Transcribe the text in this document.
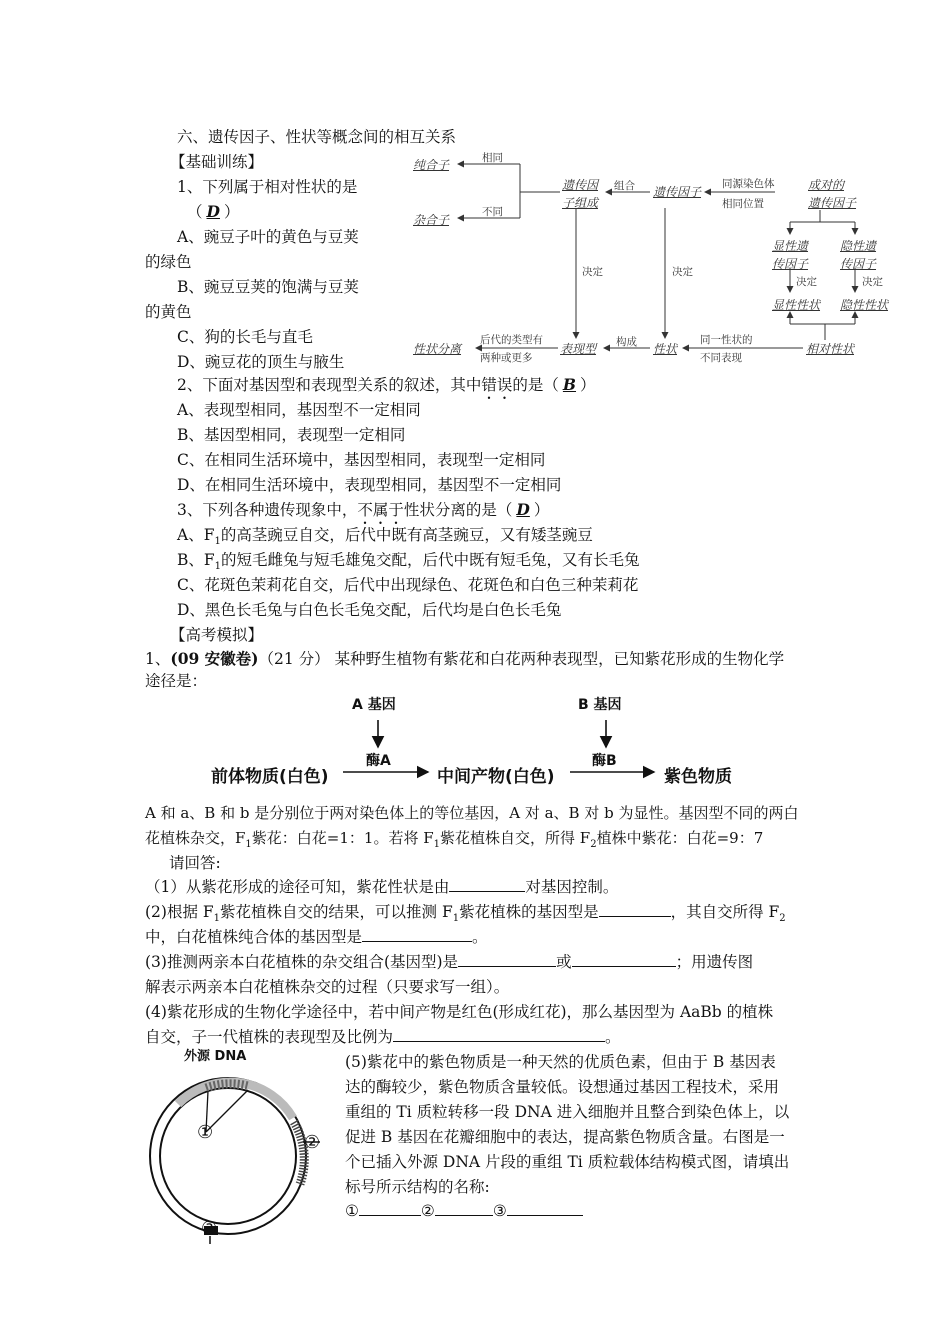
六、遗传因子、性状等概念间的相互关系
【基础训练】
1、下列属于相对性状的是
（ D ）
A、豌豆子叶的黄色与豆荚
的绿色
B、豌豆豆荚的饱满与豆荚
的黄色
C、狗的长毛与直毛
D、豌豆花的顶生与腋生
纯合子
杂合子
相同
不同
遗传因
子组成
组合 遗传因子
同源染色体
相同位置
成对的
遗传因子
决定	决定
显性遗
传因子
隐性遗
传因子
决定	决定
显性性状 隐性性状
性状分离
后代的类型有
两种或更多
表现型 构成 性状
同一性状的
不同表现
相对性状
2、下面对基因型和表现型关系的叙述，其中错误的是（ B ）
A、表现型相同，基因型不一定相同
B、基因型相同，表现型一定相同
C、在相同生活环境中，基因型相同，表现型一定相同
D、在相同生活环境中，表现型相同，基因型不一定相同
3、下列各种遗传现象中，不属于性状分离的是（ D ）
A、$F_1$的高茎豌豆自交，后代中既有高茎豌豆，又有矮茎豌豆
B、$F_1$的短毛雌兔与短毛雄兔交配，后代中既有短毛兔，又有长毛兔
C、花斑色茉莉花自交，后代中出现绿色、花斑色和白色三种茉莉花
D、黑色长毛兔与白色长毛兔交配，后代均是白色长毛兔
【高考模拟】
1、(09 安徽卷)（21 分） 某种野生植物有紫花和白花两种表现型，已知紫花形成的生物化学
途径是：
A 基因	B 基因
酶A	酶B
前体物质(白色)	中间产物(白色)	紫色物质
A 和 a、B 和 b 是分别位于两对染色体上的等位基因，A 对 a、B 对 b 为显性。基因型不同的两白
花植株杂交，$F_1$紫花：白花=1：1。若将 $F_1$紫花植株自交，所得 $F_2$植株中紫花：白花=9：7
请回答:
（1）从紫花形成的途径可知，紫花性状是由	对基因控制。
(2)根据 $F_1$紫花植株自交的结果，可以推测 $F_1$紫花植株的基因型是	，其自交所得 $F_2$
中，白花植株纯合体的基因型是	。
(3)推测两亲本白花植株的杂交组合(基因型)是	或	；用遗传图
解表示两亲本白花植株杂交的过程（只要求写一组）。
(4)紫花形成的生物化学途径中，若中间产物是红色(形成红花)，那么基因型为 AaBb 的植株
自交，子一代植株的表现型及比例为	。
外源 DNA
①	②
③
(5)紫花中的紫色物质是一种天然的优质色素，但由于 B 基因表
达的酶较少，紫色物质含量较低。设想通过基因工程技术，采用
重组的 Ti 质粒转移一段 DNA 进入细胞并且整合到染色体上，以
促进 B 基因在花瓣细胞中的表达，提高紫色物质含量。右图是一
个已插入外源 DNA 片段的重组 Ti 质粒载体结构模式图，请填出
标号所示结构的名称:
①	②	③
